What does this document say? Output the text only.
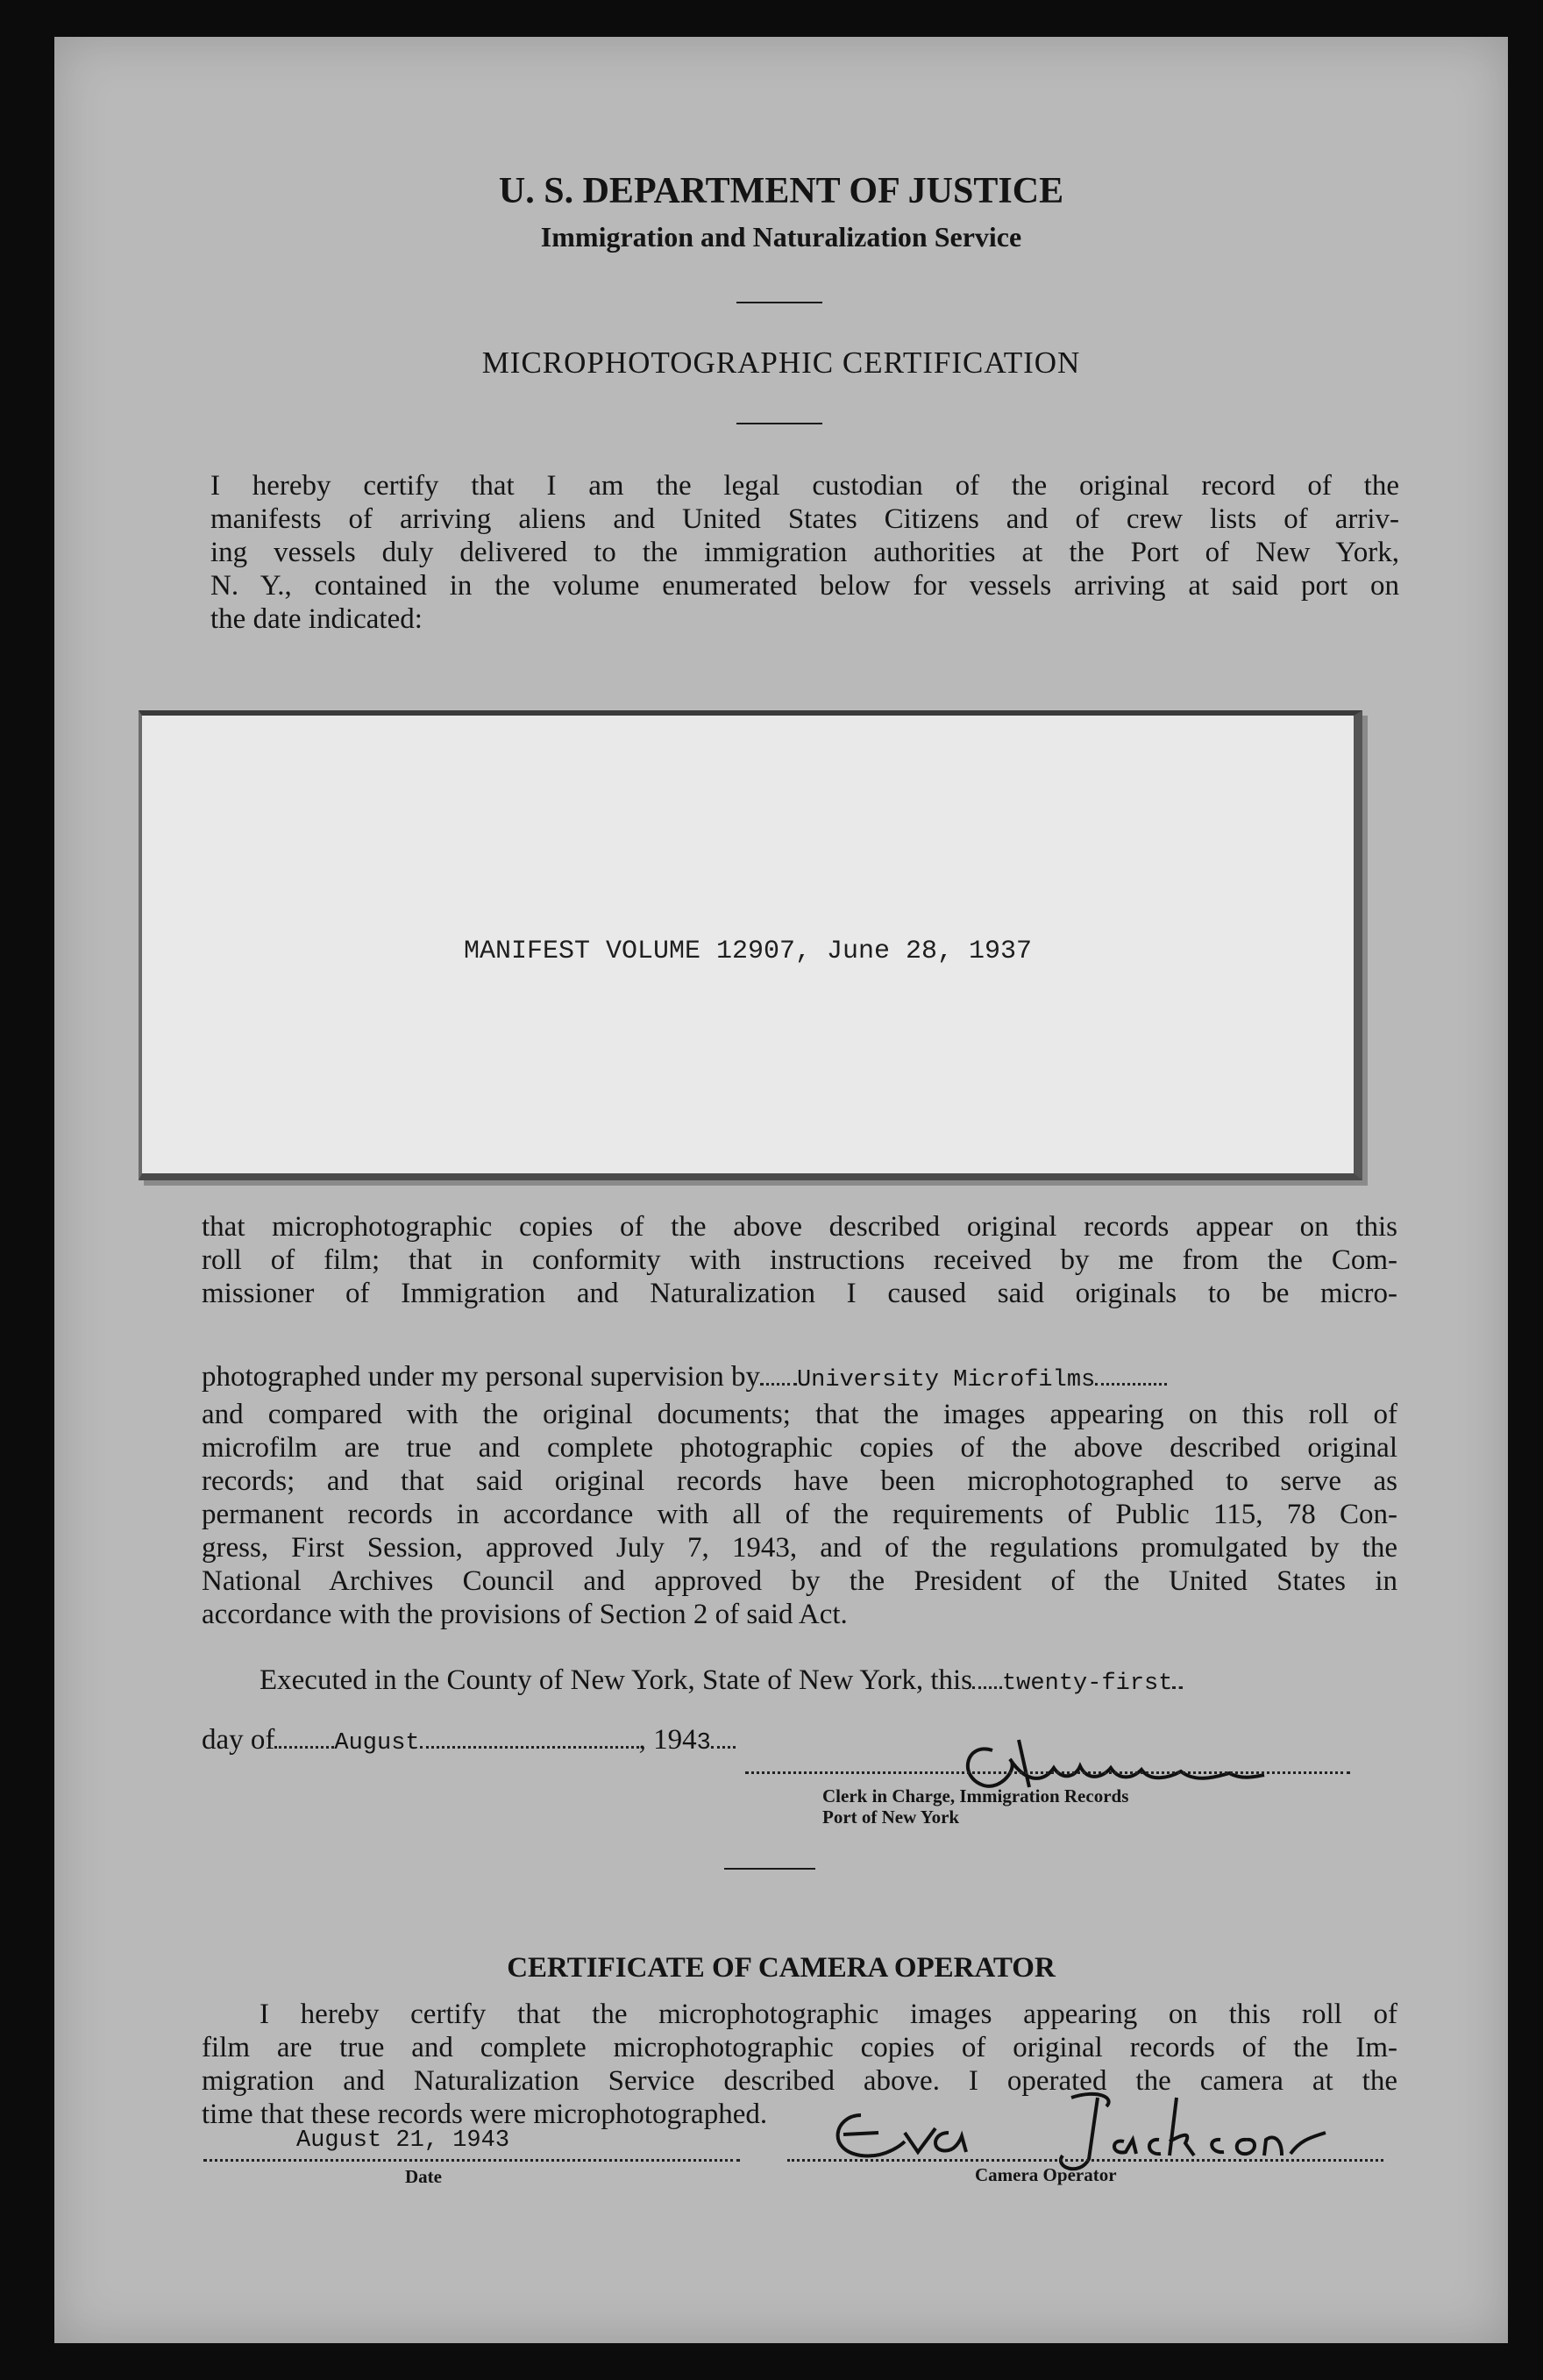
U. S. DEPARTMENT OF JUSTICE
Immigration and Naturalization Service
MICROPHOTOGRAPHIC CERTIFICATION
I hereby certify that I am the legal custodian of the original record of the
manifests of arriving aliens and United States Citizens and of crew lists of arriv-
ing vessels duly delivered to the immigration authorities at the Port of New York,
N. Y., contained in the volume enumerated below for vessels arriving at said port on
the date indicated:
MANIFEST VOLUME 12907, June 28, 1937
that microphotographic copies of the above described original records appear on this
roll of film; that in conformity with instructions received by me from the Com-
missioner of Immigration and Naturalization I caused said originals to be micro-
photographed under my personal supervision by University Microfilms
and compared with the original documents; that the images appearing on this roll of
microfilm are true and complete photographic copies of the above described original
records; and that said original records have been microphotographed to serve as
permanent records in accordance with all of the requirements of Public 115, 78 Con-
gress, First Session, approved July 7, 1943, and of the regulations promulgated by the
National Archives Council and approved by the President of the United States in
accordance with the provisions of Section 2 of said Act.
Executed in the County of New York, State of New York, this twenty-first
day of	August	, 1943
Clerk in Charge, Immigration Records
Port of New York
CERTIFICATE OF CAMERA OPERATOR
I hereby certify that the microphotographic images appearing on this roll of
film are true and complete microphotographic copies of original records of the Im-
migration and Naturalization Service described above. I operated the camera at the
time that these records were microphotographed.
August 21, 1943
Date	Camera Operator
